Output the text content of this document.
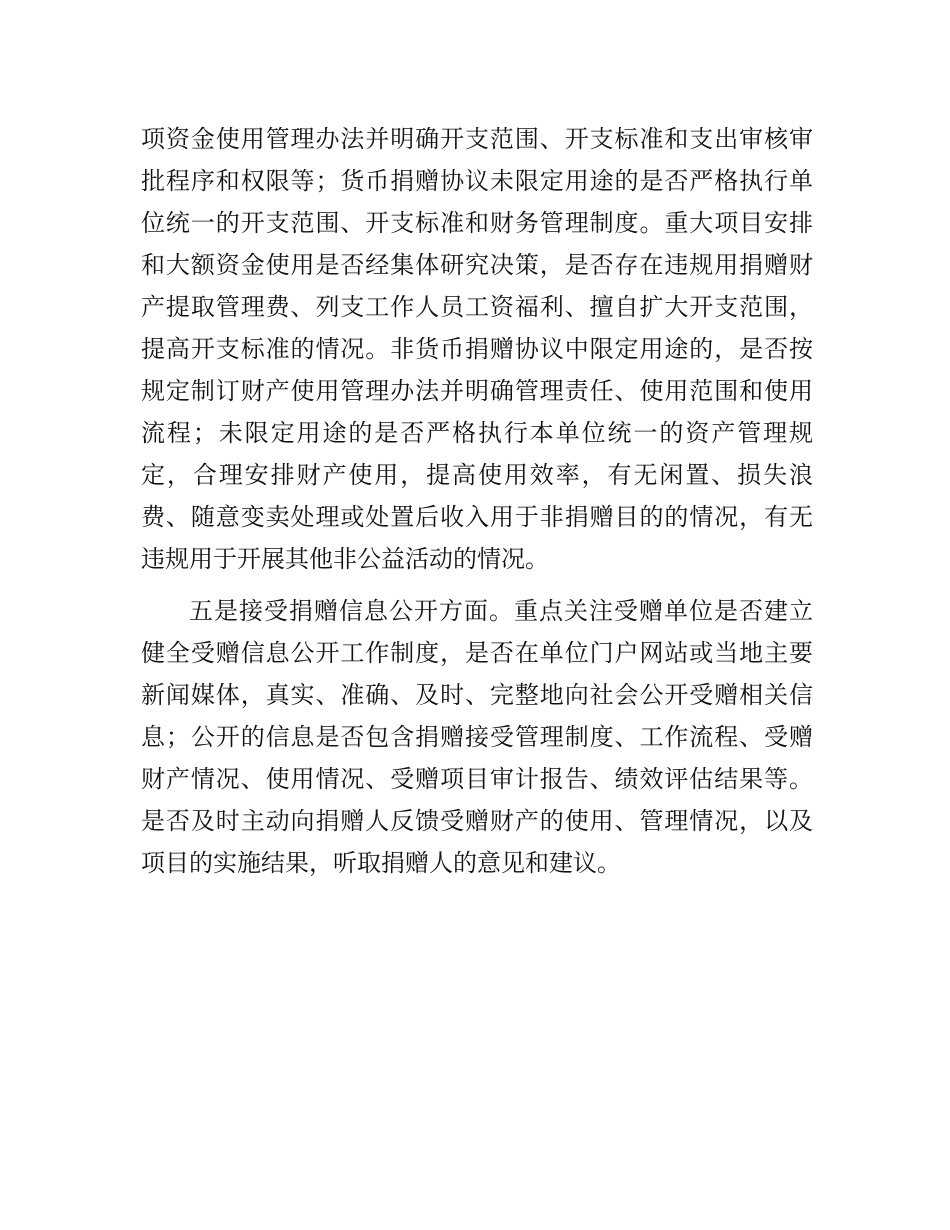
项资金使用管理办法并明确开支范围、开支标准和支出审核审
批程序和权限等；货币捐赠协议未限定用途的是否严格执行单
位统一的开支范围、开支标准和财务管理制度。重大项目安排
和大额资金使用是否经集体研究决策，是否存在违规用捐赠财
产提取管理费、列支工作人员工资福利、擅自扩大开支范围，
提高开支标准的情况。非货币捐赠协议中限定用途的，是否按
规定制订财产使用管理办法并明确管理责任、使用范围和使用
流程；未限定用途的是否严格执行本单位统一的资产管理规
定，合理安排财产使用，提高使用效率，有无闲置、损失浪
费、随意变卖处理或处置后收入用于非捐赠目的的情况，有无
违规用于开展其他非公益活动的情况。
五是接受捐赠信息公开方面。重点关注受赠单位是否建立
健全受赠信息公开工作制度，是否在单位门户网站或当地主要
新闻媒体，真实、准确、及时、完整地向社会公开受赠相关信
息；公开的信息是否包含捐赠接受管理制度、工作流程、受赠
财产情况、使用情况、受赠项目审计报告、绩效评估结果等。
是否及时主动向捐赠人反馈受赠财产的使用、管理情况，以及
项目的实施结果，听取捐赠人的意见和建议。
